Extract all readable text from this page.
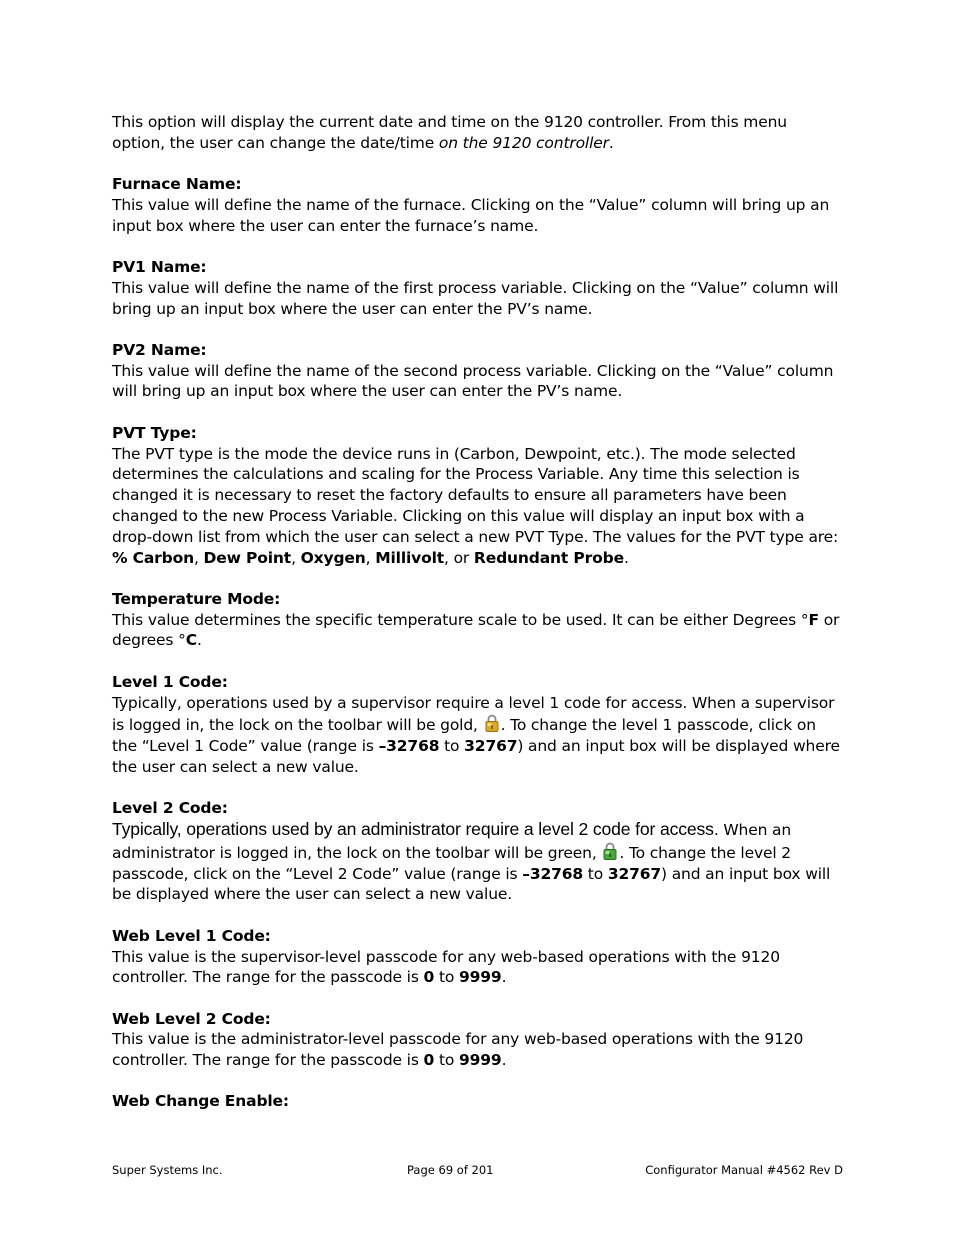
This option will display the current date and time on the 9120 controller. From this menu option, the user can change the date/time on the 9120 controller.

Furnace Name:

This value will define the name of the furnace. Clicking on the “Value” column will bring up an input box where the user can enter the furnace’s name.

PV1 Name:

This value will define the name of the first process variable. Clicking on the “Value” column will bring up an input box where the user can enter the PV’s name.

PV2 Name:

This value will define the name of the second process variable. Clicking on the “Value” column will bring up an input box where the user can enter the PV’s name.

PVT Type:

The PVT type is the mode the device runs in (Carbon, Dewpoint, etc.). The mode selected determines the calculations and scaling for the Process Variable. Any time this selection is changed it is necessary to reset the factory defaults to ensure all parameters have been changed to the new Process Variable. Clicking on this value will display an input box with a drop-down list from which the user can select a new PVT Type. The values for the PVT type are: % Carbon, Dew Point, Oxygen, Millivolt, or Redundant Probe.

Temperature Mode:

This value determines the specific temperature scale to be used. It can be either Degrees °F or degrees °C.

Level 1 Code:

Typically, operations used by a supervisor require a level 1 code for access. When a supervisor is logged in, the lock on the toolbar will be gold, . To change the level 1 passcode, click on the “Level 1 Code” value (range is –32768 to 32767) and an input box will be displayed where the user can select a new value.

Level 2 Code:

Typically, operations used by an administrator require a level 2 code for access. When an administrator is logged in, the lock on the toolbar will be green, . To change the level 2 passcode, click on the “Level 2 Code” value (range is –32768 to 32767) and an input box will be displayed where the user can select a new value.

Web Level 1 Code:

This value is the supervisor-level passcode for any web-based operations with the 9120 controller. The range for the passcode is 0 to 9999.

Web Level 2 Code:

This value is the administrator-level passcode for any web-based operations with the 9120 controller. The range for the passcode is 0 to 9999.

Web Change Enable:

Super Systems Inc.	Page 69 of 201	Configurator Manual #4562 Rev D
